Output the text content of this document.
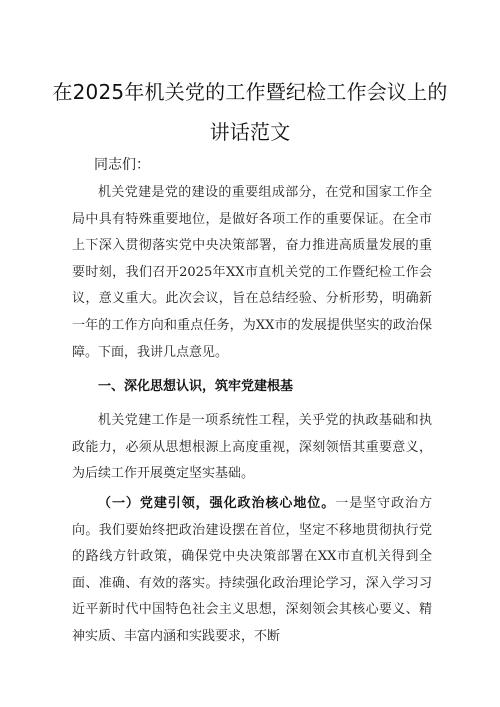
在2025年机关党的工作暨纪检工作会议上的
讲话范文

同志们：

机关党建是党的建设的重要组成部分，在党和国家工作全局中具有特殊重要地位，是做好各项工作的重要保证。在全市上下深入贯彻落实党中央决策部署，奋力推进高质量发展的重要时刻，我们召开2025年XX市直机关党的工作暨纪检工作会议，意义重大。此次会议，旨在总结经验、分析形势，明确新一年的工作方向和重点任务，为XX市的发展提供坚实的政治保障。下面，我讲几点意见。

一、深化思想认识，筑牢党建根基

机关党建工作是一项系统性工程，关乎党的执政基础和执政能力，必须从思想根源上高度重视，深刻领悟其重要意义，为后续工作开展奠定坚实基础。

（一）党建引领，强化政治核心地位。一是坚守政治方向。我们要始终把政治建设摆在首位，坚定不移地贯彻执行党的路线方针政策，确保党中央决策部署在XX市直机关得到全面、准确、有效的落实。持续强化政治理论学习，深入学习习近平新时代中国特色社会主义思想，深刻领会其核心要义、精神实质、丰富内涵和实践要求，不断
